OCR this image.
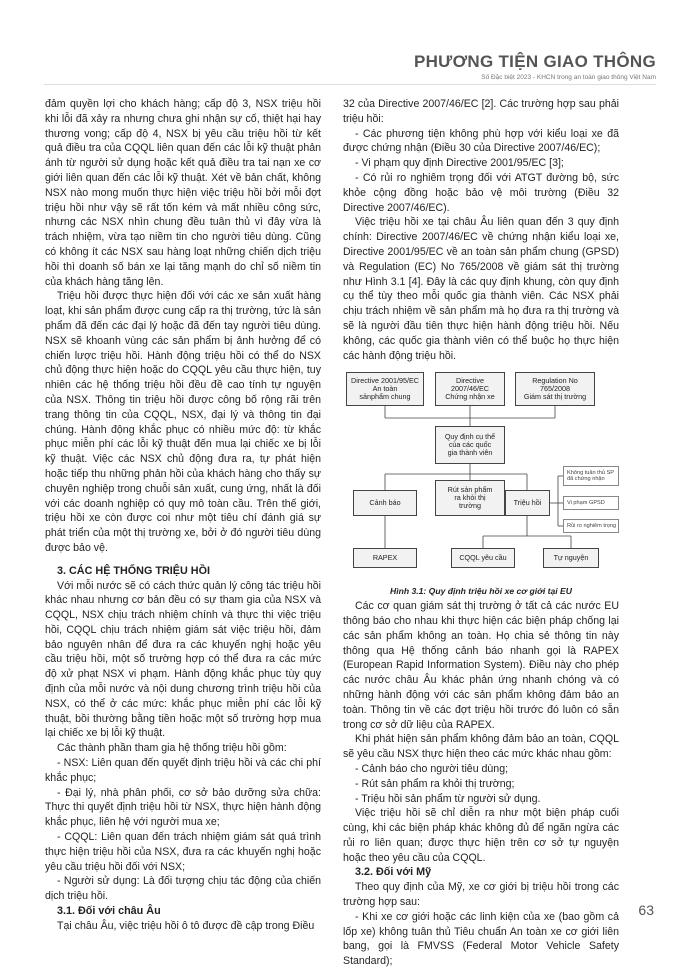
PHƯƠNG TIỆN GIAO THÔNG
Số Đặc biệt 2023 - KHCN trong an toàn giao thông Việt Nam

đảm quyền lợi cho khách hàng; cấp độ 3, NSX triệu hồi khi lỗi đã xảy ra nhưng chưa ghi nhận sự cố, thiệt hại hay thương vong; cấp độ 4, NSX bị yêu cầu triệu hồi từ kết quả điều tra của CQQL liên quan đến các lỗi kỹ thuật phản ánh từ người sử dụng hoặc kết quả điều tra tai nạn xe cơ giới liên quan đến các lỗi kỹ thuật. Xét về bản chất, không NSX nào mong muốn thực hiện việc triệu hồi bởi mỗi đợt triệu hồi như vậy sẽ rất tốn kém và mất nhiều công sức, nhưng các NSX nhìn chung đều tuân thủ vì đây vừa là trách nhiệm, vừa tạo niềm tin cho người tiêu dùng. Cũng có không ít các NSX sau hàng loạt những chiến dịch triệu hồi thì doanh số bán xe lại tăng mạnh do chỉ số niềm tin của khách hàng tăng lên.

Triệu hồi được thực hiện đối với các xe sản xuất hàng loạt, khi sản phẩm được cung cấp ra thị trường, tức là sản phẩm đã đến các đại lý hoặc đã đến tay người tiêu dùng. NSX sẽ khoanh vùng các sản phẩm bị ảnh hưởng để có chiến lược triệu hồi. Hành động triệu hồi có thể do NSX chủ động thực hiện hoặc do CQQL yêu cầu thực hiện, tuy nhiên các hệ thống triệu hồi đều đề cao tính tự nguyện của NSX. Thông tin triệu hồi được công bố rộng rãi trên trang thông tin của CQQL, NSX, đại lý và thông tin đại chúng. Hành động khắc phục có nhiều mức độ: từ khắc phục miễn phí các lỗi kỹ thuật đến mua lại chiếc xe bị lỗi kỹ thuật. Việc các NSX chủ động đưa ra, tự phát hiện hoặc tiếp thu những phản hồi của khách hàng cho thấy sự chuyên nghiệp trong chuỗi sản xuất, cung ứng, nhất là đối với các doanh nghiệp có quy mô toàn cầu. Trên thế giới, triệu hồi xe còn được coi như một tiêu chí đánh giá sự phát triển của một thị trường xe, bởi ở đó người tiêu dùng được bảo vệ.

3. CÁC HỆ THỐNG TRIỆU HỒI

Với mỗi nước sẽ có cách thức quản lý công tác triệu hồi khác nhau nhưng cơ bản đều có sự tham gia của NSX và CQQL, NSX chịu trách nhiệm chính và thực thi việc triệu hồi, CQQL chịu trách nhiệm giám sát việc triệu hồi, đảm bảo nguyên nhân để đưa ra các khuyến nghị hoặc yêu cầu triệu hồi, một số trường hợp có thể đưa ra các mức độ xử phạt NSX vi phạm. Hành động khắc phục tùy quy định của mỗi nước và nội dung chương trình triệu hồi của NSX, có thể ở các mức: khắc phục miễn phí các lỗi kỹ thuật, bồi thường bằng tiền hoặc một số trường hợp mua lại chiếc xe bị lỗi kỹ thuật.

Các thành phần tham gia hệ thống triệu hồi gồm:

- NSX: Liên quan đến quyết định triệu hồi và các chi phí khắc phục;

- Đại lý, nhà phân phối, cơ sở bảo dưỡng sửa chữa: Thực thi quyết định triệu hồi từ NSX, thực hiện hành động khắc phục, liên hệ với người mua xe;

- CQQL: Liên quan đến trách nhiệm giám sát quá trình thực hiện triệu hồi của NSX, đưa ra các khuyến nghị hoặc yêu cầu triệu hồi đối với NSX;

- Người sử dụng: Là đối tượng chịu tác động của chiến dịch triệu hồi.

3.1. Đối với châu Âu

Tại châu Âu, việc triệu hồi ô tô được đề cập trong Điều

32 của Directive 2007/46/EC [2]. Các trường hợp sau phải triệu hồi:

- Các phương tiện không phù hợp với kiểu loại xe đã được chứng nhận (Điều 30 của Directive 2007/46/EC);

- Vi phạm quy định Directive 2001/95/EC [3];

- Có rủi ro nghiêm trọng đối với ATGT đường bộ, sức khỏe cộng đồng hoặc bảo vệ môi trường (Điều 32 Directive 2007/46/EC).

Việc triệu hồi xe tại châu Âu liên quan đến 3 quy định chính: Directive 2007/46/EC về chứng nhận kiểu loại xe, Directive 2001/95/EC về an toàn sản phẩm chung (GPSD) và Regulation (EC) No 765/2008 về giám sát thị trường như Hình 3.1 [4]. Đây là các quy định khung, còn quy định cụ thể tùy theo mỗi quốc gia thành viên. Các NSX phải chịu trách nhiệm về sản phẩm mà họ đưa ra thị trường và sẽ là người đầu tiên thực hiện hành động triệu hồi. Nếu không, các quốc gia thành viên có thể buộc họ thực hiện các hành động triệu hồi.

Directive 2001/95/EC
An toàn
sảnphẩm chung
Directive
2007/46/EC
Chứng nhận xe
Regulation No
765/2008
Giám sát thị trường
Quy định cụ thể
của các quốc
gia thành viên
Cảnh báo
Rút sản phẩm
ra khỏi thị
trường	Triệu hồi
Không tuân thủ SP
đã chứng nhận
Vi phạm GPSD
Rủi ro nghiêm trọng
RAPEX	CQQL yêu cầu	Tự nguyện

Hình 3.1: Quy định triệu hồi xe cơ giới tại EU

Các cơ quan giám sát thị trường ở tất cả các nước EU thông báo cho nhau khi thực hiện các biện pháp chống lại các sản phẩm không an toàn. Họ chia sẻ thông tin này thông qua Hệ thống cảnh báo nhanh gọi là RAPEX (European Rapid Information System). Điều này cho phép các nước châu Âu khác phản ứng nhanh chóng và có những hành động với các sản phẩm không đảm bảo an toàn. Thông tin về các đợt triệu hồi trước đó luôn có sẵn trong cơ sở dữ liệu của RAPEX.

Khi phát hiện sản phẩm không đảm bảo an toàn, CQQL sẽ yêu cầu NSX thực hiện theo các mức khác nhau gồm:

- Cảnh báo cho người tiêu dùng;

- Rút sản phẩm ra khỏi thị trường;

- Triệu hồi sản phẩm từ người sử dụng.

Việc triệu hồi sẽ chỉ diễn ra như một biện pháp cuối cùng, khi các biện pháp khác không đủ để ngăn ngừa các rủi ro liên quan; được thực hiện trên cơ sở tự nguyện hoặc theo yêu cầu của CQQL.

3.2. Đối với Mỹ

Theo quy định của Mỹ, xe cơ giới bị triệu hồi trong các trường hợp sau:

- Khi xe cơ giới hoặc các linh kiện của xe (bao gồm cả lốp xe) không tuân thủ Tiêu chuẩn An toàn xe cơ giới liên bang, gọi là FMVSS (Federal Motor Vehicle Safety Standard);

63
